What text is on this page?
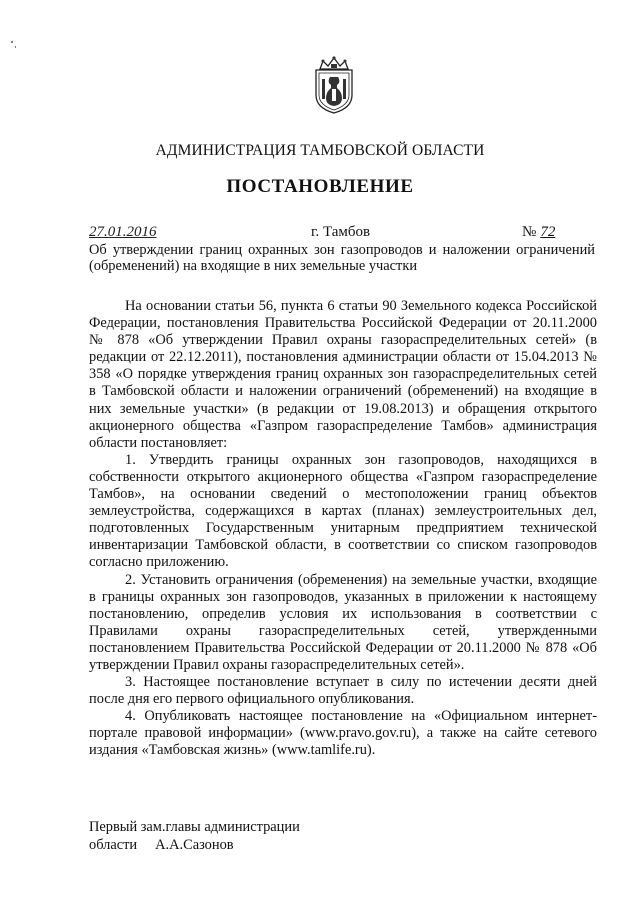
АДМИНИСТРАЦИЯ ТАМБОВСКОЙ ОБЛАСТИ
ПОСТАНОВЛЕНИЕ
27.01.2016	г. Тамбов	№ 72
Об утверждении границ охранных зон газопроводов и наложении ограничений (обременений) на входящие в них земельные участки

На основании статьи 56, пункта 6 статьи 90 Земельного кодекса Российской Федерации, постановления Правительства Российской Федерации от 20.11.2000 № 878 «Об утверждении Правил охраны газораспределительных сетей» (в редакции от 22.12.2011), постановления администрации области от 15.04.2013 № 358 «О порядке утверждения границ охранных зон газораспределительных сетей в Тамбовской области и наложении ограничений (обременений) на входящие в них земельные участки» (в редакции от 19.08.2013) и обращения открытого акционерного общества «Газпром газораспределение Тамбов» администрация области постановляет:

1. Утвердить границы охранных зон газопроводов, находящихся в собственности открытого акционерного общества «Газпром газораспределение Тамбов», на основании сведений о местоположении границ объектов землеустройства, содержащихся в картах (планах) землеустроительных дел, подготовленных Государственным унитарным предприятием технической инвентаризации Тамбовской области, в соответствии со списком газопроводов согласно приложению.

2. Установить ограничения (обременения) на земельные участки, входящие в границы охранных зон газопроводов, указанных в приложении к настоящему постановлению, определив условия их использования в соответствии с Правилами охраны газораспределительных сетей, утвержденными постановлением Правительства Российской Федерации от 20.11.2000 № 878 «Об утверждении Правил охраны газораспределительных сетей».

3. Настоящее постановление вступает в силу по истечении десяти дней после дня его первого официального опубликования.

4. Опубликовать настоящее постановление на «Официальном интернет-портале правовой информации» (www.pravo.gov.ru), а также на сайте сетевого издания «Тамбовская жизнь» (www.tamlife.ru).

Первый зам.главы администрации
области А.А.Сазонов
